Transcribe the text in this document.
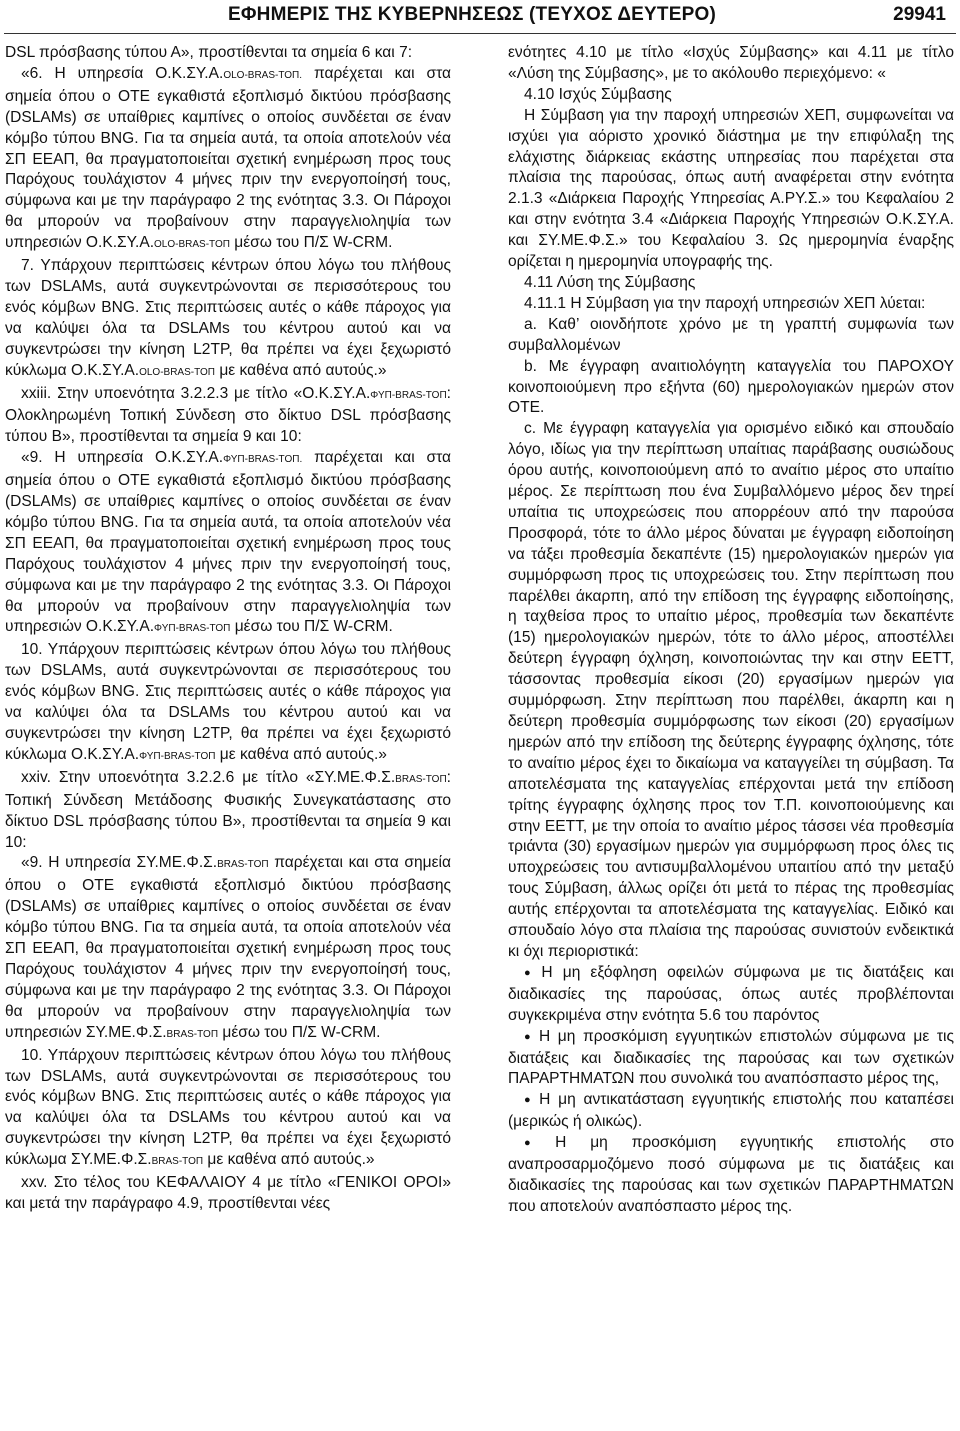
ΕΦΗΜΕΡΙΣ ΤΗΣ ΚΥΒΕΡΝΗΣΕΩΣ (ΤΕΥΧΟΣ ΔΕΥΤΕΡΟ)	29941

DSL πρόσβασης τύπου Α», προστίθενται τα σημεία 6 και 7:

«6. Η υπηρεσία Ο.Κ.ΣΥ.Α.OLO-BRAS-ΤΟΠ. παρέχεται και στα σημεία όπου ο ΟΤΕ εγκαθιστά εξοπλισμό δικτύου πρόσβασης (DSLAMs) σε υπαίθριες καμπίνες ο οποίος συνδέεται σε έναν κόμβο τύπου BNG. Για τα σημεία αυτά, τα οποία αποτελούν νέα ΣΠ ΕΕΑΠ, θα πραγματοποιείται σχετική ενημέρωση προς τους Παρόχους τουλάχιστον 4 μήνες πριν την ενεργοποίησή τους, σύμφωνα και με την παράγραφο 2 της ενότητας 3.3. Οι Πάροχοι θα μπορούν να προβαίνουν στην παραγγελιοληψία των υπηρεσιών Ο.Κ.ΣΥ.Α.OLO-BRAS-ΤΟΠ μέσω του Π/Σ W-CRM.

7. Υπάρχουν περιπτώσεις κέντρων όπου λόγω του πλήθους των DSLAMs, αυτά συγκεντρώνονται σε περισσότερους του ενός κόμβων BNG. Στις περιπτώσεις αυτές ο κάθε πάροχος για να καλύψει όλα τα DSLAMs του κέντρου αυτού και να συγκεντρώσει την κίνηση L2TP, θα πρέπει να έχει ξεχωριστό κύκλωμα Ο.Κ.ΣΥ.Α.OLO-BRAS-ΤΟΠ με καθένα από αυτούς.»

xxiii. Στην υποενότητα 3.2.2.3 με τίτλο «Ο.Κ.ΣΥ.Α.ΦΥΠ-BRAS-ΤΟΠ: Ολοκληρωμένη Τοπική Σύνδεση στο δίκτυο DSL πρόσβασης τύπου Β», προστίθενται τα σημεία 9 και 10:

«9. Η υπηρεσία Ο.Κ.ΣΥ.Α.ΦΥΠ-BRAS-ΤΟΠ. παρέχεται και στα σημεία όπου ο ΟΤΕ εγκαθιστά εξοπλισμό δικτύου πρόσβασης (DSLAMs) σε υπαίθριες καμπίνες ο οποίος συνδέεται σε έναν κόμβο τύπου BNG. Για τα σημεία αυτά, τα οποία αποτελούν νέα ΣΠ ΕΕΑΠ, θα πραγματοποιείται σχετική ενημέρωση προς τους Παρόχους τουλάχιστον 4 μήνες πριν την ενεργοποίησή τους, σύμφωνα και με την παράγραφο 2 της ενότητας 3.3. Οι Πάροχοι θα μπορούν να προβαίνουν στην παραγγελιοληψία των υπηρεσιών Ο.Κ.ΣΥ.Α.ΦΥΠ-BRAS-ΤΟΠ μέσω του Π/Σ W-CRM.

10. Υπάρχουν περιπτώσεις κέντρων όπου λόγω του πλήθους των DSLAMs, αυτά συγκεντρώνονται σε περισσότερους του ενός κόμβων BNG. Στις περιπτώσεις αυτές ο κάθε πάροχος για να καλύψει όλα τα DSLAMs του κέντρου αυτού και να συγκεντρώσει την κίνηση L2TP, θα πρέπει να έχει ξεχωριστό κύκλωμα Ο.Κ.ΣΥ.Α.ΦΥΠ-BRAS-ΤΟΠ με καθένα από αυτούς.»

xxiv. Στην υποενότητα 3.2.2.6 με τίτλο «ΣΥ.ΜΕ.Φ.Σ.BRAS-ΤΟΠ: Τοπική Σύνδεση Μετάδοσης Φυσικής Συνεγκατάστασης στο δίκτυο DSL πρόσβασης τύπου Β», προστίθενται τα σημεία 9 και 10:

«9. Η υπηρεσία ΣΥ.ΜΕ.Φ.Σ.BRAS-ΤΟΠ παρέχεται και στα σημεία όπου ο ΟΤΕ εγκαθιστά εξοπλισμό δικτύου πρόσβασης (DSLAMs) σε υπαίθριες καμπίνες ο οποίος συνδέεται σε έναν κόμβο τύπου BNG. Για τα σημεία αυτά, τα οποία αποτελούν νέα ΣΠ ΕΕΑΠ, θα πραγματοποιείται σχετική ενημέρωση προς τους Παρόχους τουλάχιστον 4 μήνες πριν την ενεργοποίησή τους, σύμφωνα και με την παράγραφο 2 της ενότητας 3.3. Οι Πάροχοι θα μπορούν να προβαίνουν στην παραγγελιοληψία των υπηρεσιών ΣΥ.ΜΕ.Φ.Σ.BRAS-ΤΟΠ μέσω του Π/Σ W-CRM.

10. Υπάρχουν περιπτώσεις κέντρων όπου λόγω του πλήθους των DSLAMs, αυτά συγκεντρώνονται σε περισσότερους του ενός κόμβων BNG. Στις περιπτώσεις αυτές ο κάθε πάροχος για να καλύψει όλα τα DSLAMs του κέντρου αυτού και να συγκεντρώσει την κίνηση L2TP, θα πρέπει να έχει ξεχωριστό κύκλωμα ΣΥ.ΜΕ.Φ.Σ.BRAS-ΤΟΠ με καθένα από αυτούς.»

xxv. Στο τέλος του ΚΕΦΑΛΑΙΟΥ 4 με τίτλο «ΓΕΝΙΚΟΙ ΟΡΟΙ» και μετά την παράγραφο 4.9, προστίθενται νέες

ενότητες 4.10 με τίτλο «Ισχύς Σύμβασης» και 4.11 με τίτλο «Λύση της Σύμβασης», με το ακόλουθο περιεχόμενο: «

4.10 Ισχύς Σύμβασης

Η Σύμβαση για την παροχή υπηρεσιών ΧΕΠ, συμφωνείται να ισχύει για αόριστο χρονικό διάστημα με την επιφύλαξη της ελάχιστης διάρκειας εκάστης υπηρεσίας που παρέχεται στα πλαίσια της παρούσας, όπως αυτή αναφέρεται στην ενότητα 2.1.3 «Διάρκεια Παροχής Υπηρεσίας Α.ΡΥ.Σ.» του Κεφαλαίου 2 και στην ενότητα 3.4 «Διάρκεια Παροχής Υπηρεσιών Ο.Κ.ΣΥ.Α. και ΣΥ.ΜΕ.Φ.Σ.» του Κεφαλαίου 3. Ως ημερομηνία έναρξης ορίζεται η ημερομηνία υπογραφής της.

4.11 Λύση της Σύμβασης

4.11.1 Η Σύμβαση για την παροχή υπηρεσιών ΧΕΠ λύεται:

a. Καθ’ οιονδήποτε χρόνο με τη γραπτή συμφωνία των συμβαλλομένων

b. Με έγγραφη αναιτιολόγητη καταγγελία του ΠΑΡΟΧΟΥ κοινοποιούμενη προ εξήντα (60) ημερολογιακών ημερών στον ΟΤΕ.

c. Με έγγραφη καταγγελία για ορισμένο ειδικό και σπουδαίο λόγο, ιδίως για την περίπτωση υπαίτιας παράβασης ουσιώδους όρου αυτής, κοινοποιούμενη από το αναίτιο μέρος στο υπαίτιο μέρος. Σε περίπτωση που ένα Συμβαλλόμενο μέρος δεν τηρεί υπαίτια τις υποχρεώσεις που απορρέουν από την παρούσα Προσφορά, τότε το άλλο μέρος δύναται με έγγραφη ειδοποίηση να τάξει προθεσμία δεκαπέντε (15) ημερολογιακών ημερών για συμμόρφωση προς τις υποχρεώσεις του. Στην περίπτωση που παρέλθει άκαρπη, από την επίδοση της έγγραφης ειδοποίησης, η ταχθείσα προς το υπαίτιο μέρος, προθεσμία των δεκαπέντε (15) ημερολογιακών ημερών, τότε το άλλο μέρος, αποστέλλει δεύτερη έγγραφη όχληση, κοινοποιώντας την και στην ΕΕΤΤ, τάσσοντας προθεσμία είκοσι (20) εργασίμων ημερών για συμμόρφωση. Στην περίπτωση που παρέλθει, άκαρπη και η δεύτερη προθεσμία συμμόρφωσης των είκοσι (20) εργασίμων ημερών από την επίδοση της δεύτερης έγγραφης όχλησης, τότε το αναίτιο μέρος έχει το δικαίωμα να καταγγείλει τη σύμβαση. Τα αποτελέσματα της καταγγελίας επέρχονται μετά την επίδοση τρίτης έγγραφης όχλησης προς τον Τ.Π. κοινοποιούμενης και στην ΕΕΤΤ, με την οποία το αναίτιο μέρος τάσσει νέα προθεσμία τριάντα (30) εργασίμων ημερών για συμμόρφωση προς όλες τις υποχρεώσεις του αντισυμβαλλομένου υπαιτίου από την μεταξύ τους Σύμβαση, άλλως ορίζει ότι μετά το πέρας της προθεσμίας αυτής επέρχονται τα αποτελέσματα της καταγγελίας. Ειδικό και σπουδαίο λόγο στα πλαίσια της παρούσας συνιστούν ενδεικτικά κι όχι περιοριστικά:

● Η μη εξόφληση οφειλών σύμφωνα με τις διατάξεις και διαδικασίες της παρούσας, όπως αυτές προβλέπονται συγκεκριμένα στην ενότητα 5.6 του παρόντος

● Η μη προσκόμιση εγγυητικών επιστολών σύμφωνα με τις διατάξεις και διαδικασίες της παρούσας και των σχετικών ΠΑΡΑΡΤΗΜΑΤΩΝ που συνολικά του αναπόσπαστο μέρος της,

● Η μη αντικατάσταση εγγυητικής επιστολής που καταπέσει (μερικώς ή ολικώς).

● Η μη προσκόμιση εγγυητικής επιστολής στο αναπροσαρμοζόμενο ποσό σύμφωνα με τις διατάξεις και διαδικασίες της παρούσας και των σχετικών ΠΑΡΑΡΤΗΜΑΤΩΝ που αποτελούν αναπόσπαστο μέρος της.
